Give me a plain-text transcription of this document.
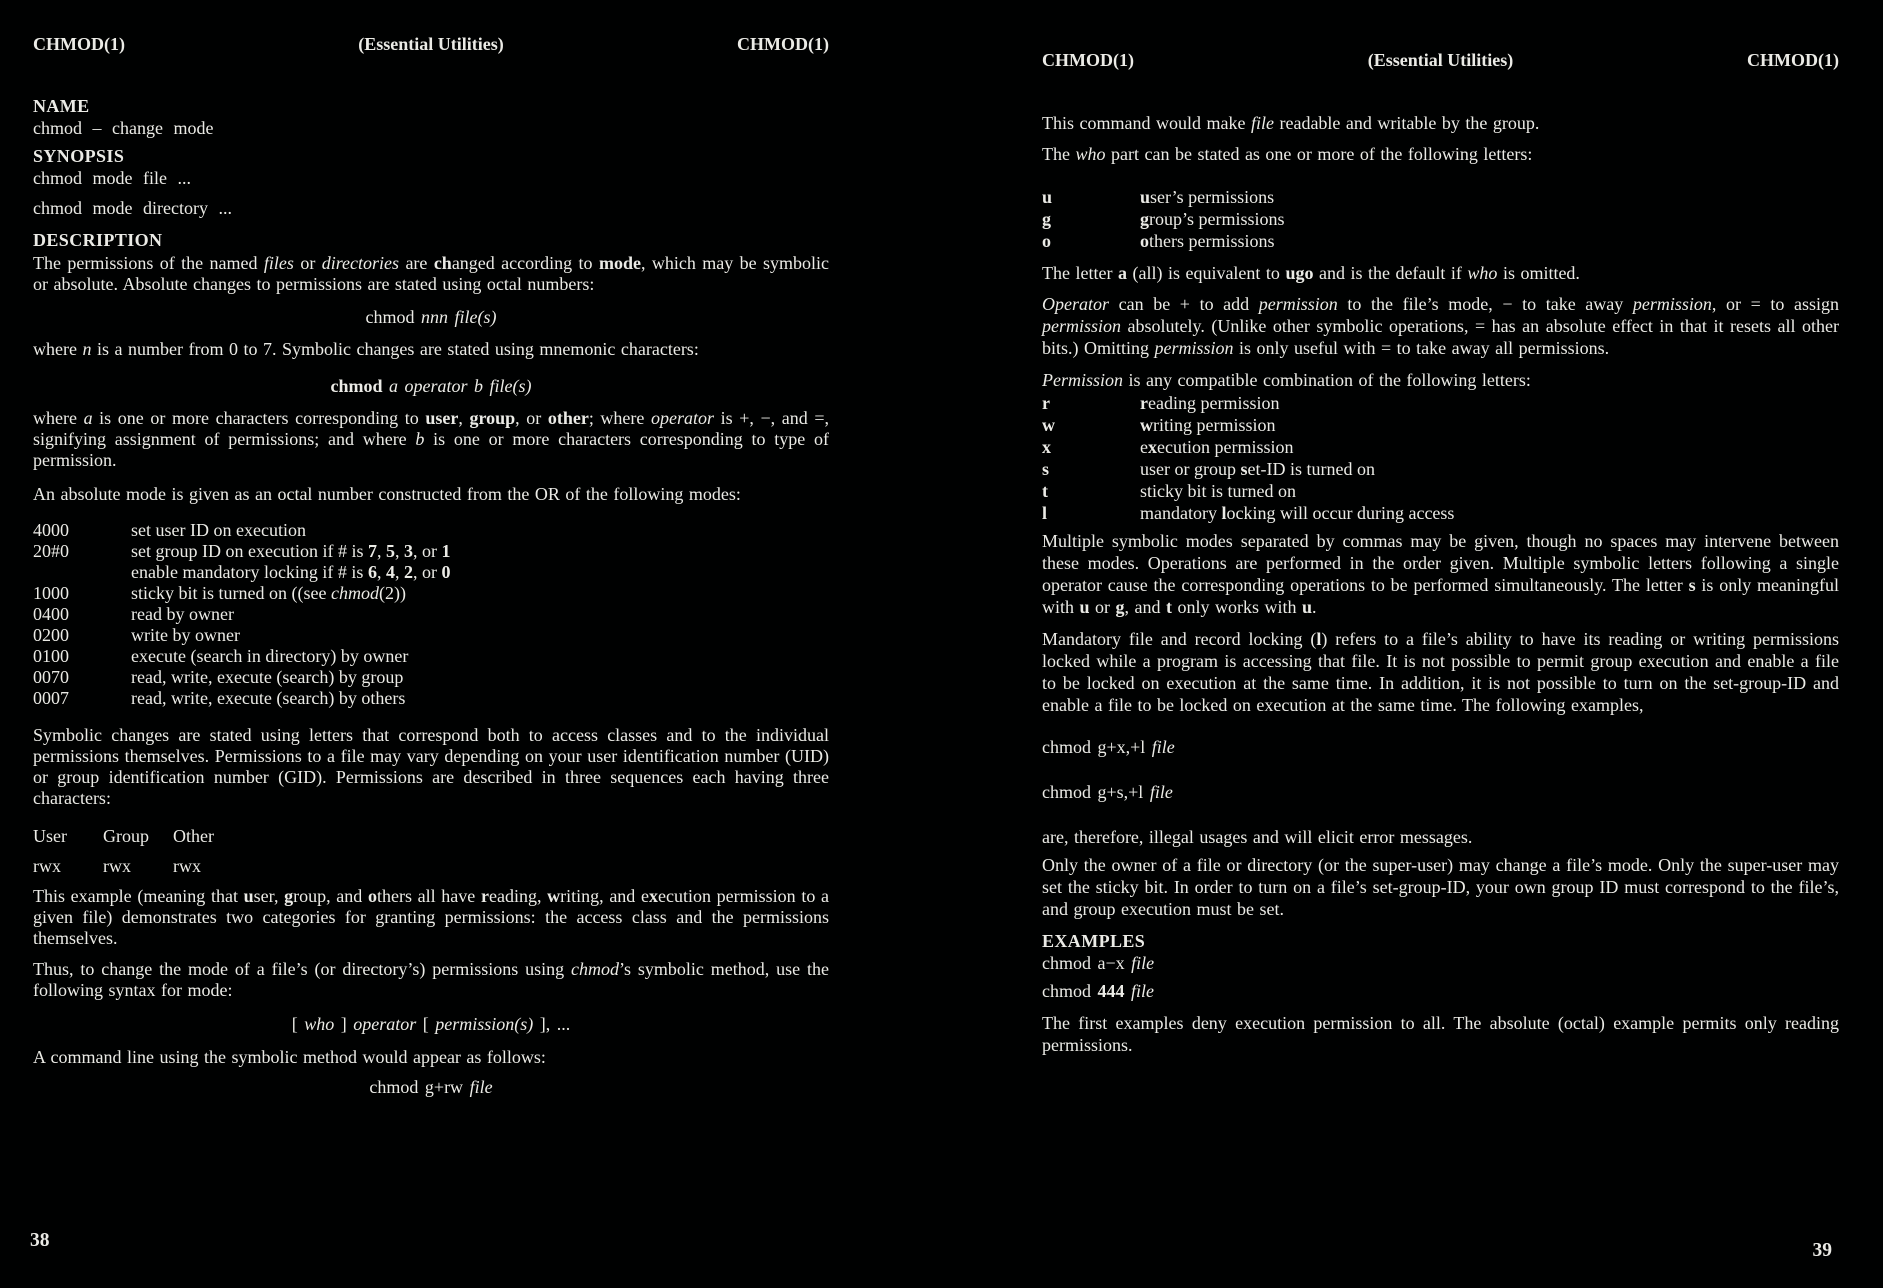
CHMOD(1)	(Essential Utilities)	CHMOD(1)
NAME
chmod – change mode
SYNOPSIS
chmod mode file ...
chmod mode directory ...
DESCRIPTION
The permissions of the named files or directories are changed according to mode, which may be symbolic or absolute. Absolute changes to permissions are stated using octal numbers:
chmod nnn file(s)
where n is a number from 0 to 7. Symbolic changes are stated using mnemonic characters:
chmod a operator b file(s)
where a is one or more characters corresponding to user, group, or other; where operator is +, −, and =, signifying assignment of permissions; and where b is one or more characters corresponding to type of permission.
An absolute mode is given as an octal number constructed from the OR of the following modes:
4000	set user ID on execution
20#0	set group ID on execution if # is 7, 5, 3, or 1
enable mandatory locking if # is 6, 4, 2, or 0
1000	sticky bit is turned on ((see chmod(2))
0400	read by owner
0200	write by owner
0100	execute (search in directory) by owner
0070	read, write, execute (search) by group
0007	read, write, execute (search) by others
Symbolic changes are stated using letters that correspond both to access classes and to the individual permissions themselves. Permissions to a file may vary depending on your user identification number (UID) or group identification number (GID). Permissions are described in three sequences each having three characters:
User Group Other
rwx rwx rwx
This example (meaning that user, group, and others all have reading, writing, and execution permission to a given file) demonstrates two categories for granting permissions: the access class and the permissions themselves.
Thus, to change the mode of a file’s (or directory’s) permissions using chmod’s symbolic method, use the following syntax for mode:
[ who ] operator [ permission(s) ], ...
A command line using the symbolic method would appear as follows:
chmod g+rw file
38
CHMOD(1)	(Essential Utilities)	CHMOD(1)
This command would make file readable and writable by the group.
The who part can be stated as one or more of the following letters:
u	user’s permissions
g	group’s permissions
o	others permissions
The letter a (all) is equivalent to ugo and is the default if who is omitted.
Operator can be + to add permission to the file’s mode, − to take away permission, or = to assign permission absolutely. (Unlike other symbolic operations, = has an absolute effect in that it resets all other bits.) Omitting permission is only useful with = to take away all permissions.
Permission is any compatible combination of the following letters:
r	reading permission
w	writing permission
x	execution permission
s	user or group set-ID is turned on
t	sticky bit is turned on
l	mandatory locking will occur during access
Multiple symbolic modes separated by commas may be given, though no spaces may intervene between these modes. Operations are performed in the order given. Multiple symbolic letters following a single operator cause the corresponding operations to be performed simultaneously. The letter s is only meaningful with u or g, and t only works with u.
Mandatory file and record locking (l) refers to a file’s ability to have its reading or writing permissions locked while a program is accessing that file. It is not possible to permit group execution and enable a file to be locked on execution at the same time. In addition, it is not possible to turn on the set-group-ID and enable a file to be locked on execution at the same time. The following examples,
chmod g+x,+l file
chmod g+s,+l file
are, therefore, illegal usages and will elicit error messages.
Only the owner of a file or directory (or the super-user) may change a file’s mode. Only the super-user may set the sticky bit. In order to turn on a file’s set-group-ID, your own group ID must correspond to the file’s, and group execution must be set.
EXAMPLES
chmod a−x file
chmod 444 file
The first examples deny execution permission to all. The absolute (octal) example permits only reading permissions.
39
